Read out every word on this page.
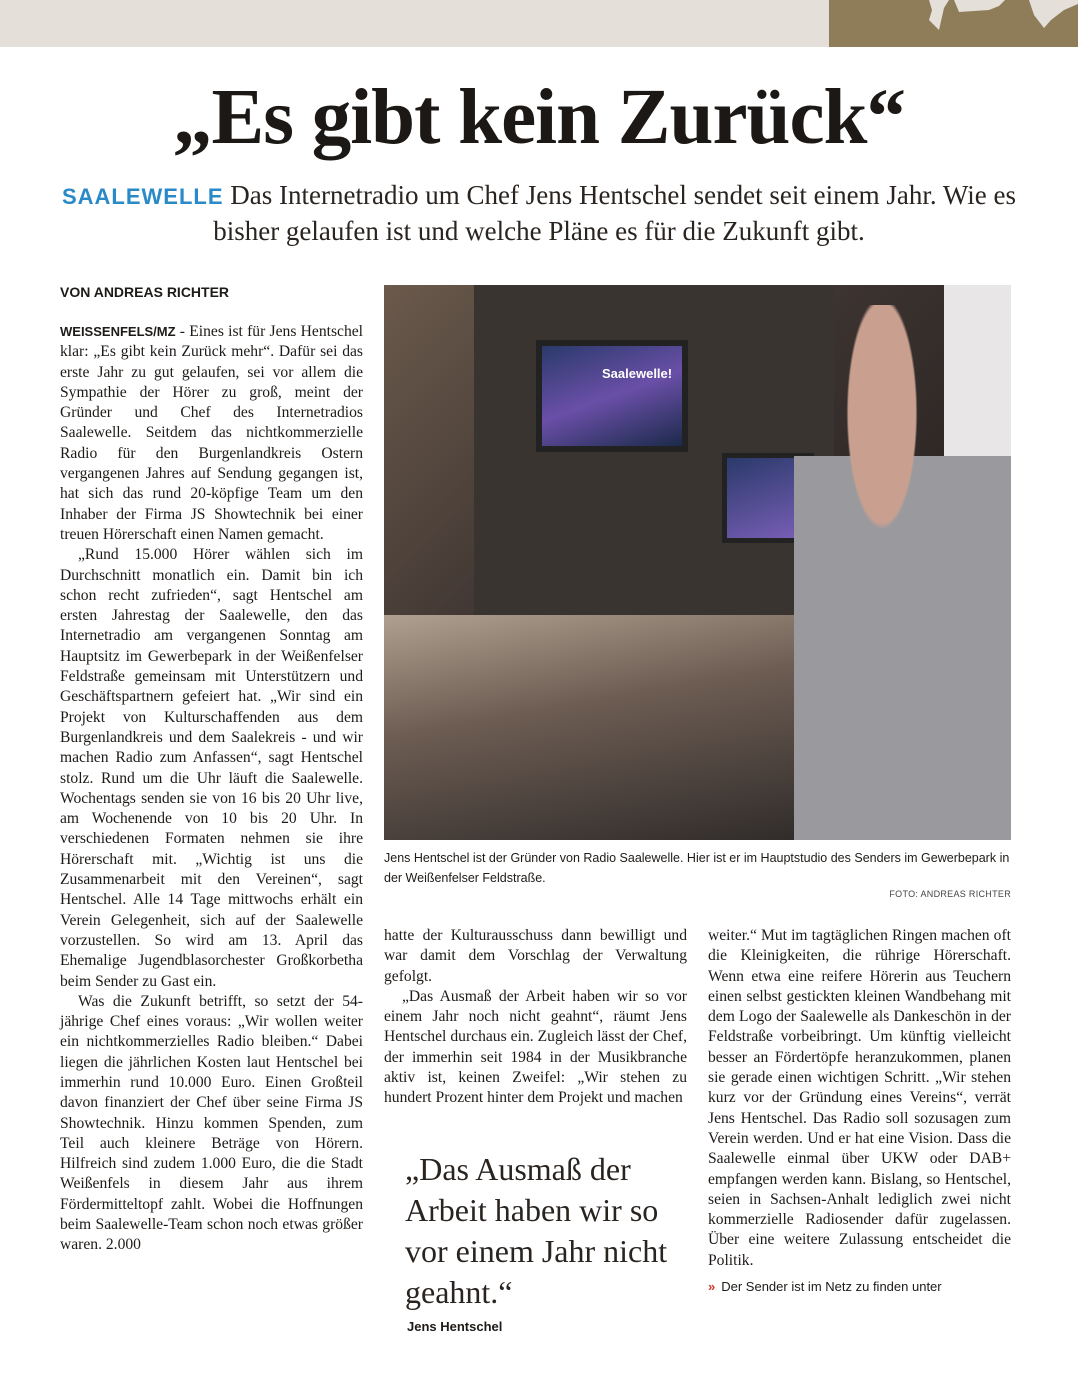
„Es gibt kein Zurück“
SAALEWELLE Das Internetradio um Chef Jens Hentschel sendet seit einem Jahr. Wie es bisher gelaufen ist und welche Pläne es für die Zukunft gibt.
VON ANDREAS RICHTER

WEISSENFELS/MZ - Eines ist für Jens Hentschel klar: „Es gibt kein Zurück mehr“. Dafür sei das erste Jahr zu gut gelaufen, sei vor allem die Sympathie der Hörer zu groß, meint der Gründer und Chef des Internetradios Saalewelle. Seitdem das nichtkommerzielle Radio für den Burgenlandkreis Ostern vergangenen Jahres auf Sendung gegangen ist, hat sich das rund 20-köpfige Team um den Inhaber der Firma JS Showtechnik bei einer treuen Hörerschaft einen Namen gemacht.

„Rund 15.000 Hörer wählen sich im Durchschnitt monatlich ein. Damit bin ich schon recht zufrieden“, sagt Hentschel am ersten Jahrestag der Saalewelle, den das Internetradio am vergangenen Sonntag am Hauptsitz im Gewerbepark in der Weißenfelser Feldstraße gemeinsam mit Unterstützern und Geschäftspartnern gefeiert hat. „Wir sind ein Projekt von Kulturschaffenden aus dem Burgenlandkreis und dem Saalekreis - und wir machen Radio zum Anfassen“, sagt Hentschel stolz. Rund um die Uhr läuft die Saalewelle. Wochentags senden sie von 16 bis 20 Uhr live, am Wochenende von 10 bis 20 Uhr. In verschiedenen Formaten nehmen sie ihre Hörerschaft mit. „Wichtig ist uns die Zusammenarbeit mit den Vereinen“, sagt Hentschel. Alle 14 Tage mittwochs erhält ein Verein Gelegenheit, sich auf der Saalewelle vorzustellen. So wird am 13. April das Ehemalige Jugendblasorchester Großkorbetha beim Sender zu Gast ein.

Was die Zukunft betrifft, so setzt der 54-jährige Chef eines voraus: „Wir wollen weiter ein nichtkommerzielles Radio bleiben.“ Dabei liegen die jährlichen Kosten laut Hentschel bei immerhin rund 10.000 Euro. Einen Großteil davon finanziert der Chef über seine Firma JS Showtechnik. Hinzu kommen Spenden, zum Teil auch kleinere Beträge von Hörern. Hilfreich sind zudem 1.000 Euro, die die Stadt Weißenfels in diesem Jahr aus ihrem Fördermitteltopf zahlt. Wobei die Hoffnungen beim Saalewelle-Team schon noch etwas größer waren. 2.000

Saalewelle!
Jens Hentschel ist der Gründer von Radio Saalewelle. Hier ist er im Hauptstudio des Senders im Gewerbepark in der Weißenfelser Feldstraße.
FOTO: ANDREAS RICHTER

hatte der Kulturausschuss dann bewilligt und war damit dem Vorschlag der Verwaltung gefolgt.

„Das Ausmaß der Arbeit haben wir so vor einem Jahr noch nicht geahnt“, räumt Jens Hentschel durchaus ein. Zugleich lässt der Chef, der immerhin seit 1984 in der Musikbranche aktiv ist, keinen Zweifel: „Wir stehen zu hundert Prozent hinter dem Projekt und machen

„Das Ausmaß der Arbeit haben wir so vor einem Jahr nicht geahnt.“
Jens Hentschel

weiter.“ Mut im tagtäglichen Ringen machen oft die Kleinigkeiten, die rührige Hörerschaft. Wenn etwa eine reifere Hörerin aus Teuchern einen selbst gestickten kleinen Wandbehang mit dem Logo der Saalewelle als Dankeschön in der Feldstraße vorbeibringt. Um künftig vielleicht besser an Fördertöpfe heranzukommen, planen sie gerade einen wichtigen Schritt. „Wir stehen kurz vor der Gründung eines Vereins“, verrät Jens Hentschel. Das Radio soll sozusagen zum Verein werden. Und er hat eine Vision. Dass die Saalewelle einmal über UKW oder DAB+ empfangen werden kann. Bislang, so Hentschel, seien in Sachsen-Anhalt lediglich zwei nicht kommerzielle Radiosender dafür zugelassen. Über eine weitere Zulassung entscheidet die Politik.

» Der Sender ist im Netz zu finden unter
